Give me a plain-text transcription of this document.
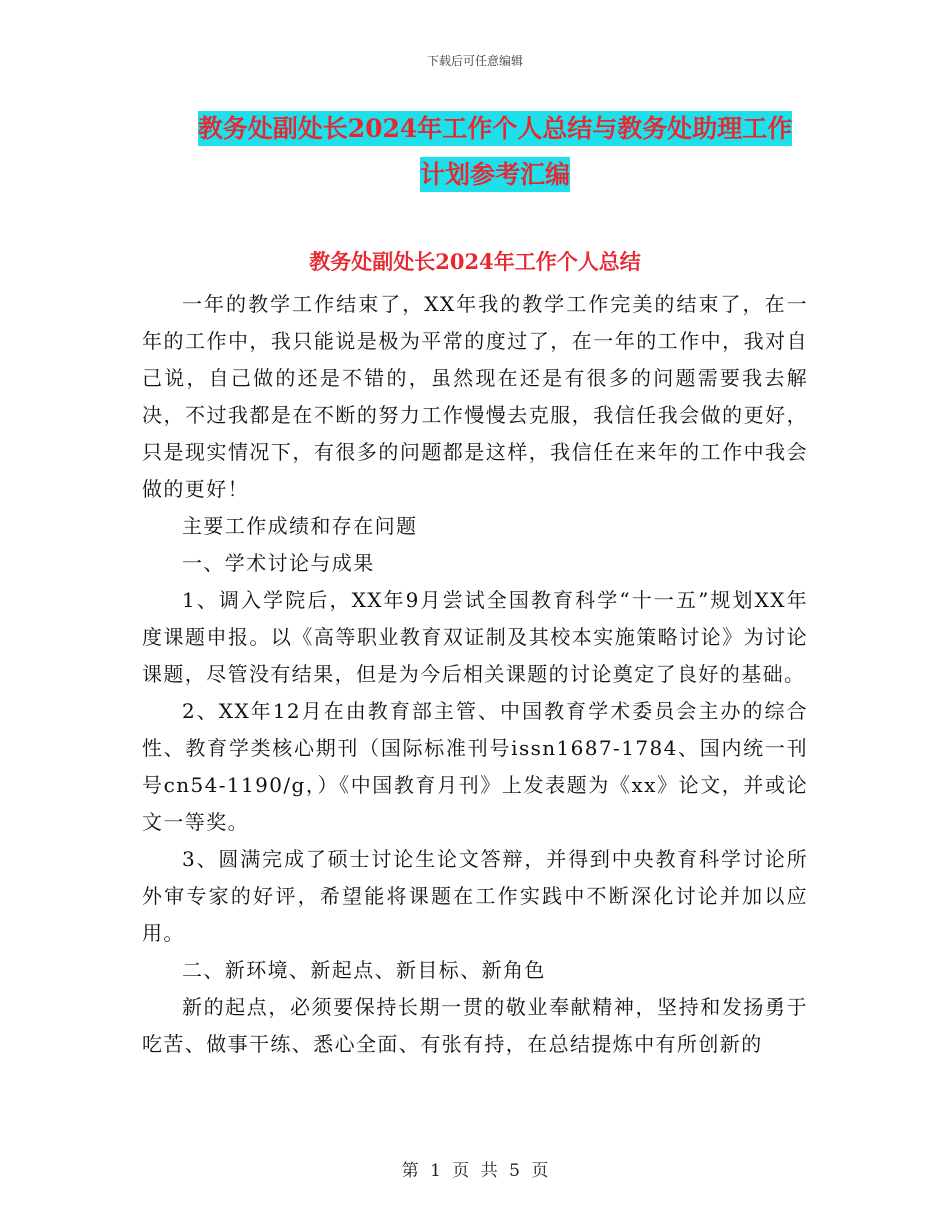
下载后可任意编辑
教务处副处长2024年工作个人总结与教务处助理工作
计划参考汇编
教务处副处长2024年工作个人总结

一年的教学工作结束了，XX年我的教学工作完美的结束了，在一年的工作中，我只能说是极为平常的度过了，在一年的工作中，我对自己说，自己做的还是不错的，虽然现在还是有很多的问题需要我去解决，不过我都是在不断的努力工作慢慢去克服，我信任我会做的更好，只是现实情况下，有很多的问题都是这样，我信任在来年的工作中我会做的更好！

主要工作成绩和存在问题

一、学术讨论与成果

1、调入学院后，XX年9月尝试全国教育科学“十一五”规划XX年度课题申报。以《高等职业教育双证制及其校本实施策略讨论》为讨论课题，尽管没有结果，但是为今后相关课题的讨论奠定了良好的基础。

2、XX年12月在由教育部主管、中国教育学术委员会主办的综合性、教育学类核心期刊（国际标准刊号issn1687-1784、国内统一刊号cn54-1190/g，）《中国教育月刊》上发表题为《xx》论文，并或论文一等奖。

3、圆满完成了硕士讨论生论文答辩，并得到中央教育科学讨论所外审专家的好评，希望能将课题在工作实践中不断深化讨论并加以应用。

二、新环境、新起点、新目标、新角色

新的起点，必须要保持长期一贯的敬业奉献精神，坚持和发扬勇于吃苦、做事干练、悉心全面、有张有持，在总结提炼中有所创新的

第 1 页 共 5 页
